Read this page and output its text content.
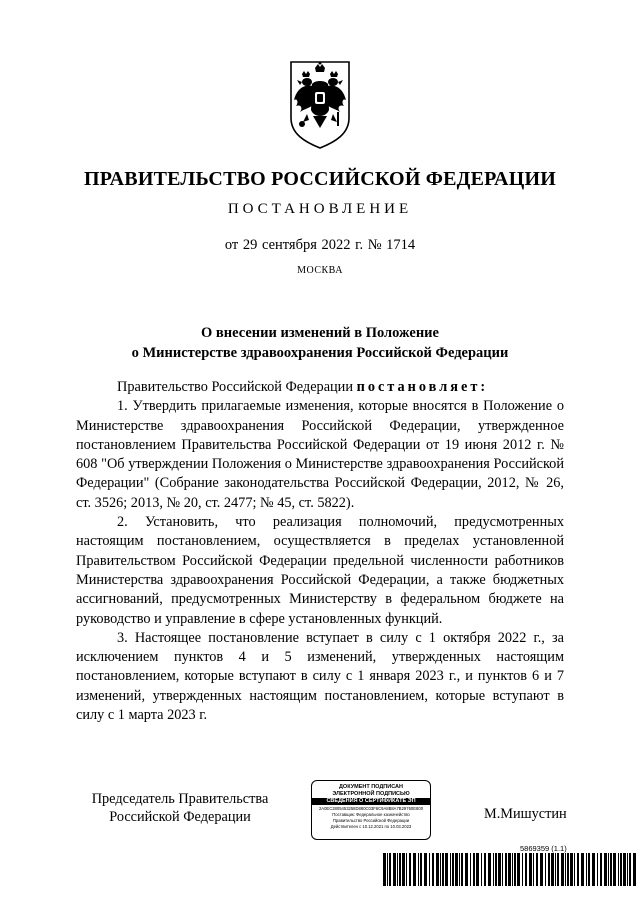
ПРАВИТЕЛЬСТВО РОССИЙСКОЙ ФЕДЕРАЦИИ
ПОСТАНОВЛЕНИЕ
от 29 сентября 2022 г. № 1714
МОСКВА
О внесении изменений в Положение
о Министерстве здравоохранения Российской Федерации

Правительство Российской Федерации постановляет:

1. Утвердить прилагаемые изменения, которые вносятся в Положение о Министерстве здравоохранения Российской Федерации, утвержденное постановлением Правительства Российской Федерации от 19 июня 2012 г. № 608 "Об утверждении Положения о Министерстве здравоохранения Российской Федерации" (Собрание законодательства Российской Федерации, 2012, № 26, ст. 3526; 2013, № 20, ст. 2477; № 45, ст. 5822).

2. Установить, что реализация полномочий, предусмотренных настоящим постановлением, осуществляется в пределах установленной Правительством Российской Федерации предельной численности работников Министерства здравоохранения Российской Федерации, а также бюджетных ассигнований, предусмотренных Министерству в федеральном бюджете на руководство и управление в сфере установленных функций.

3. Настоящее постановление вступает в силу с 1 октября 2022 г., за исключением пунктов 4 и 5 изменений, утвержденных настоящим постановлением, которые вступают в силу с 1 января 2023 г., и пунктов 6 и 7 изменений, утвержденных настоящим постановлением, которые вступают в силу с 1 марта 2023 г.

Председатель Правительства
Российской Федерации
ДОКУМЕНТ ПОДПИСАН
ЭЛЕКТРОННОЙ ПОДПИСЬЮ
СВЕДЕНИЯ О СЕРТИФИКАТЕ ЭП
2A0EC2805453258D880C03F6C9A8B8A7B29760E800
Поставщик: Федеральное казначейство
Правительство Российской Федерации
Действителен с 10.12.2021 по 10.03.2023
М.Мишустин
5869359 (1.1)
